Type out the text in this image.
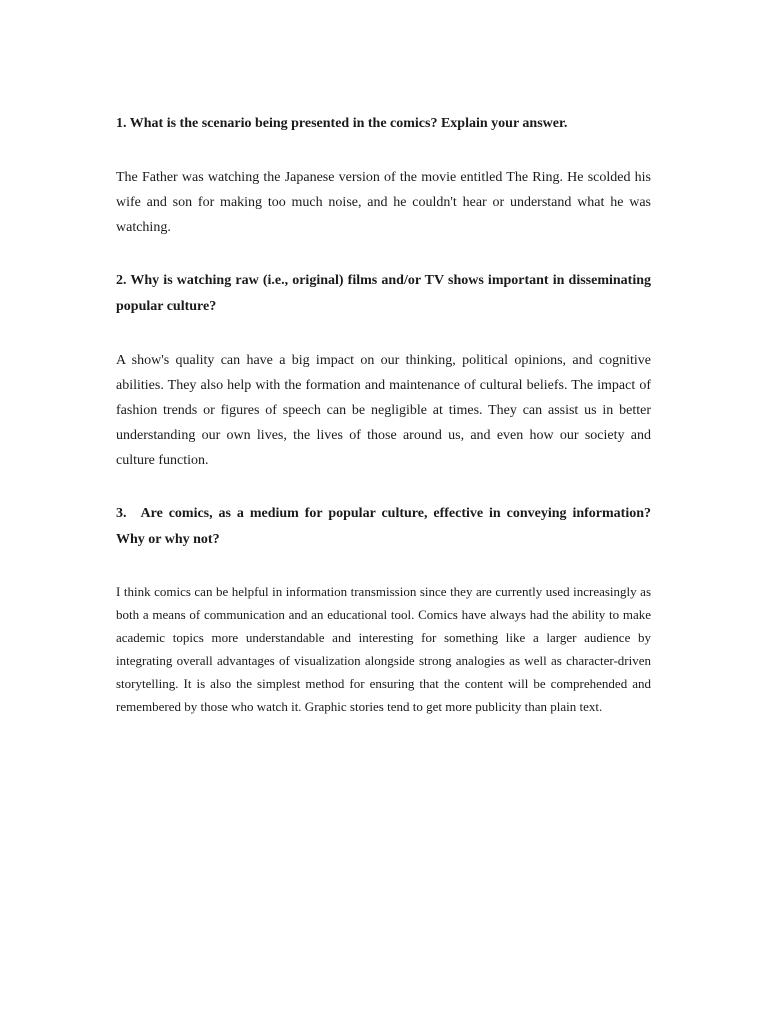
1. What is the scenario being presented in the comics? Explain your answer.

The Father was watching the Japanese version of the movie entitled The Ring. He scolded his wife and son for making too much noise, and he couldn't hear or understand what he was watching.

2. Why is watching raw (i.e., original) films and/or TV shows important in disseminating popular culture?

A show's quality can have a big impact on our thinking, political opinions, and cognitive abilities. They also help with the formation and maintenance of cultural beliefs. The impact of fashion trends or figures of speech can be negligible at times. They can assist us in better understanding our own lives, the lives of those around us, and even how our society and culture function.

3. Are comics, as a medium for popular culture, effective in conveying information? Why or why not?

I think comics can be helpful in information transmission since they are currently used increasingly as both a means of communication and an educational tool. Comics have always had the ability to make academic topics more understandable and interesting for something like a larger audience by integrating overall advantages of visualization alongside strong analogies as well as character-driven storytelling. It is also the simplest method for ensuring that the content will be comprehended and remembered by those who watch it. Graphic stories tend to get more publicity than plain text.
